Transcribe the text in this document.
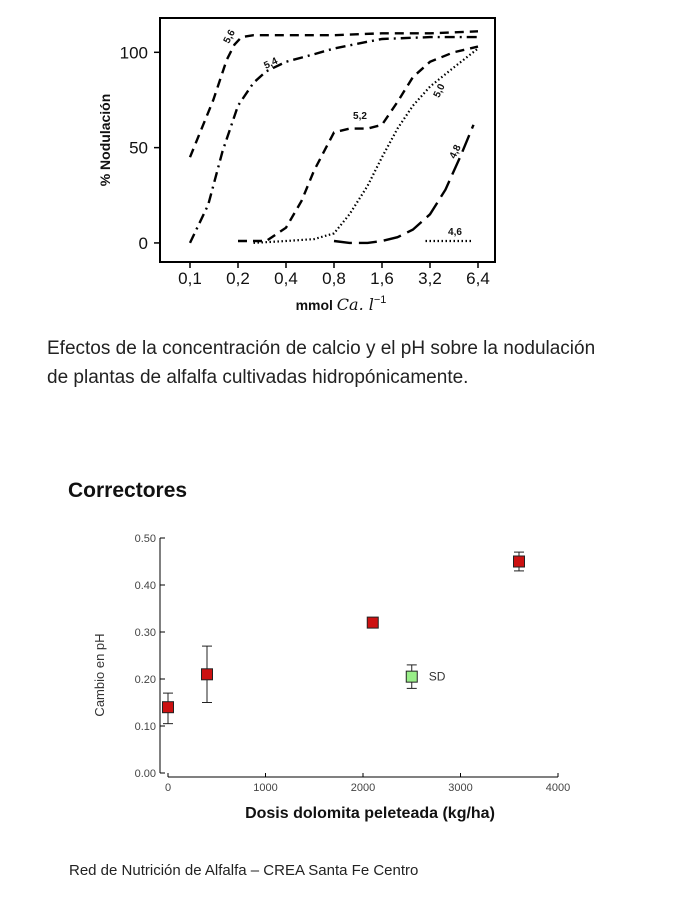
0
50
100
0,1 0,2 0,4 0,8 1,6 3,2 6,4
% Nodulación
mmol Ca. $l^{-1}$
5,6
5,4
5,2
5,0
4,8
4,6

Efectos de la concentración de calcio y el pH sobre la nodulación de plantas de alfalfa cultivadas hidropónicamente.

Correctores
0.00
0.10
0.20
0.30
0.40
0.50
0	1000	2000	3000	4000
Cambio en pH
Dosis dolomita peleteada (kg/ha)
SD

Red de Nutrición de Alfalfa – CREA Santa Fe Centro
